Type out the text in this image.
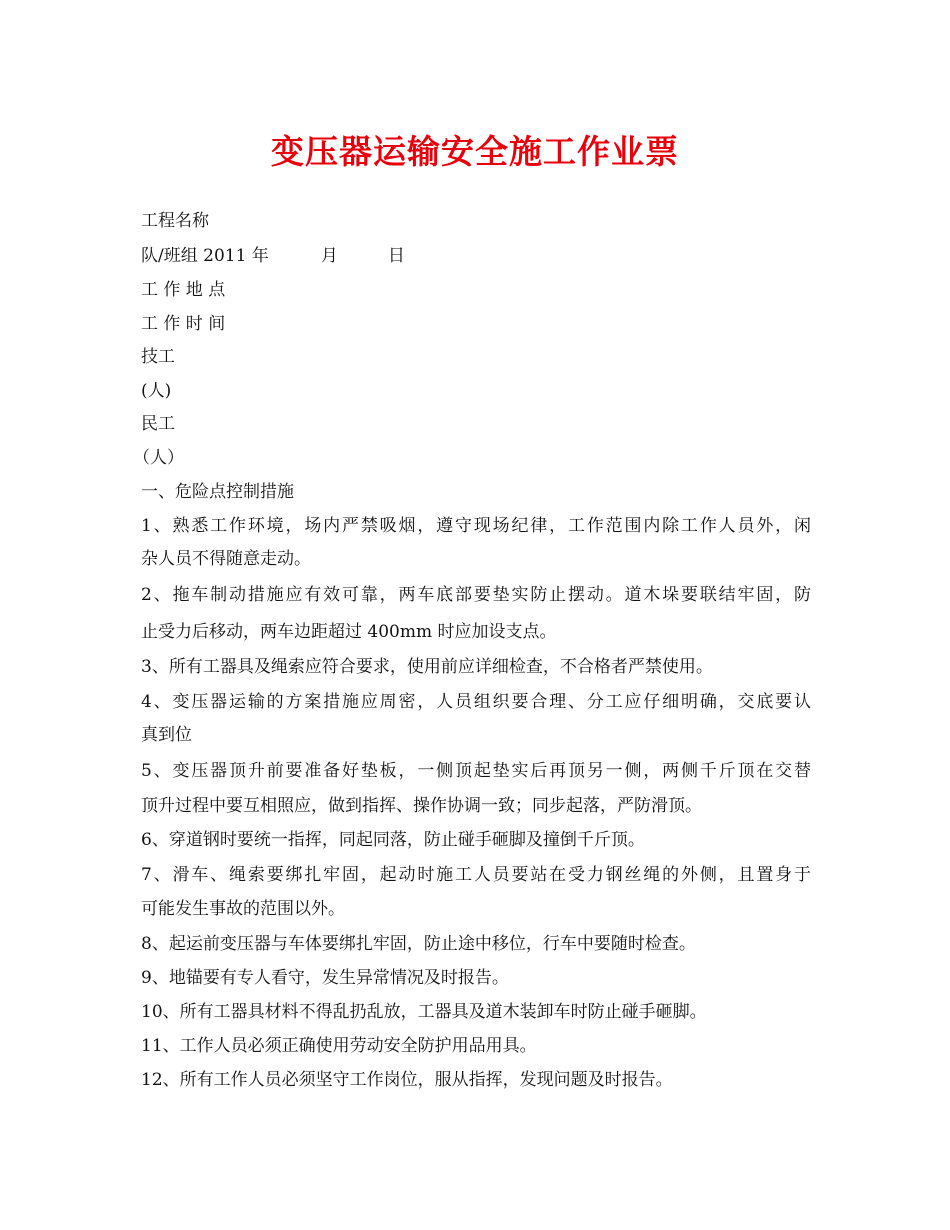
变压器运输安全施工作业票
工程名称
队/班组 2011 年	月	日
工 作 地 点
工 作 时 间
技工
(人)
民工
（人）
一、危险点控制措施
1、熟悉工作环境，场内严禁吸烟，遵守现场纪律，工作范围内除工作人员外，闲
杂人员不得随意走动。
2、拖车制动措施应有效可靠，两车底部要垫实防止摆动。道木垛要联结牢固，防
止受力后移动，两车边距超过 400mm 时应加设支点。
3、所有工器具及绳索应符合要求，使用前应详细检查，不合格者严禁使用。
4、变压器运输的方案措施应周密，人员组织要合理、分工应仔细明确，交底要认
真到位
5、变压器顶升前要准备好垫板，一侧顶起垫实后再顶另一侧，两侧千斤顶在交替
顶升过程中要互相照应，做到指挥、操作协调一致；同步起落，严防滑顶。
6、穿道钢时要统一指挥，同起同落，防止碰手砸脚及撞倒千斤顶。
7、滑车、绳索要绑扎牢固，起动时施工人员要站在受力钢丝绳的外侧，且置身于
可能发生事故的范围以外。
8、起运前变压器与车体要绑扎牢固，防止途中移位，行车中要随时检查。
9、地锚要有专人看守，发生异常情况及时报告。
10、所有工器具材料不得乱扔乱放，工器具及道木装卸车时防止碰手砸脚。
11、工作人员必须正确使用劳动安全防护用品用具。
12、所有工作人员必须坚守工作岗位，服从指挥，发现问题及时报告。
